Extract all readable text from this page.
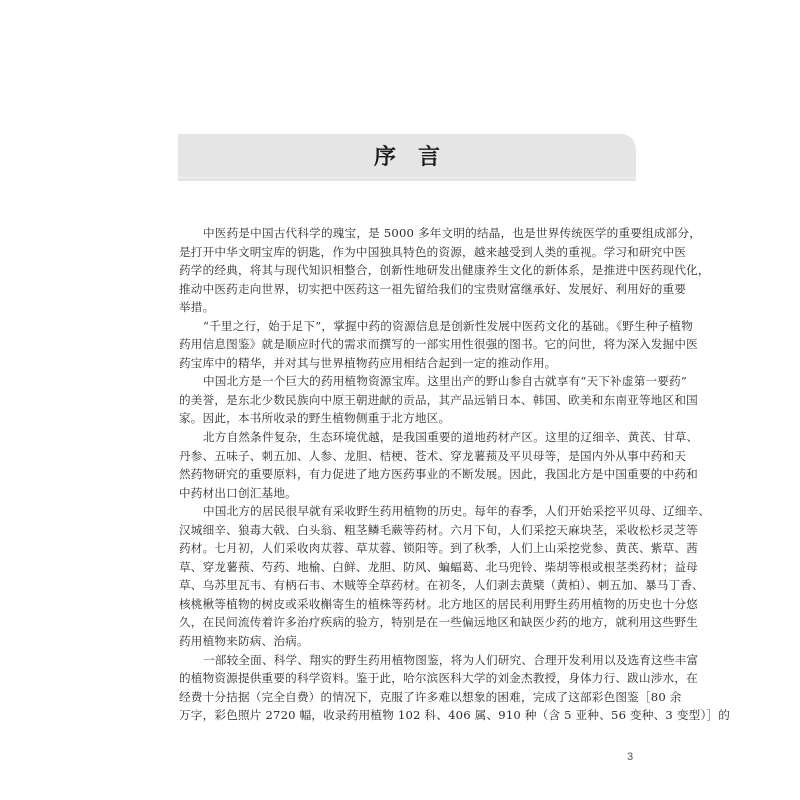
序言
中医药是中国古代科学的瑰宝，是 5000 多年文明的结晶，也是世界传统医学的重要组成部分，
是打开中华文明宝库的钥匙，作为中国独具特色的资源，越来越受到人类的重视。学习和研究中医
药学的经典，将其与现代知识相整合，创新性地研发出健康养生文化的新体系，是推进中医药现代化，
推动中医药走向世界，切实把中医药这一祖先留给我们的宝贵财富继承好、发展好、利用好的重要
举措。
“千里之行，始于足下”，掌握中药的资源信息是创新性发展中医药文化的基础。《野生种子植物
药用信息图鉴》就是顺应时代的需求而撰写的一部实用性很强的图书。它的问世，将为深入发掘中医
药宝库中的精华，并对其与世界植物药应用相结合起到一定的推动作用。
中国北方是一个巨大的药用植物资源宝库。这里出产的野山参自古就享有“天下补虚第一要药”
的美誉，是东北少数民族向中原王朝进献的贡品，其产品远销日本、韩国、欧美和东南亚等地区和国
家。因此，本书所收录的野生植物侧重于北方地区。
北方自然条件复杂，生态环境优越，是我国重要的道地药材产区。这里的辽细辛、黄芪、甘草、
丹参、五味子、刺五加、人参、龙胆、桔梗、苍术、穿龙薯蓣及平贝母等，是国内外从事中药和天
然药物研究的重要原料，有力促进了地方医药事业的不断发展。因此，我国北方是中国重要的中药和
中药材出口创汇基地。
中国北方的居民很早就有采收野生药用植物的历史。每年的春季，人们开始采挖平贝母、辽细辛、
汉城细辛、狼毒大戟、白头翁、粗茎鳞毛蕨等药材。六月下旬，人们采挖天麻块茎，采收松杉灵芝等
药材。七月初，人们采收肉苁蓉、草苁蓉、锁阳等。到了秋季，人们上山采挖党参、黄芪、紫草、茜
草、穿龙薯蓣、芍药、地榆、白鲜、龙胆、防风、蝙蝠葛、北马兜铃、柴胡等根或根茎类药材；益母
草、乌苏里瓦韦、有柄石韦、木贼等全草药材。在初冬，人们剥去黄檗（黄柏）、刺五加、暴马丁香、
核桃楸等植物的树皮或采收槲寄生的植株等药材。北方地区的居民利用野生药用植物的历史也十分悠
久，在民间流传着许多治疗疾病的验方，特别是在一些偏远地区和缺医少药的地方，就利用这些野生
药用植物来防病、治病。
一部较全面、科学、翔实的野生药用植物图鉴，将为人们研究、合理开发利用以及选育这些丰富
的植物资源提供重要的科学资料。鉴于此，哈尔滨医科大学的刘金杰教授，身体力行、跋山涉水，在
经费十分拮据（完全自费）的情况下，克服了许多难以想象的困难，完成了这部彩色图鉴［80 余
万字，彩色照片 2720 幅，收录药用植物 102 科、406 属、910 种（含 5 亚种、56 变种、3 变型）］的
3
